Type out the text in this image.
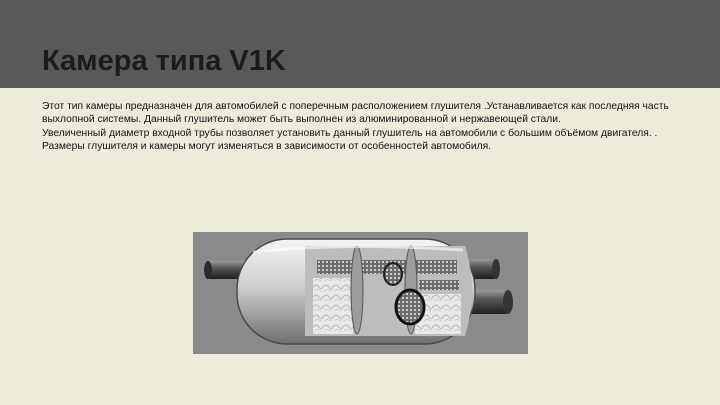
Камера типа V1K

Этот тип камеры предназначен для автомобилей с поперечным расположением глушителя .Устанавливается как последняя часть выхлопной системы. Данный глушитель может быть выполнен из алюминированной и нержавеющей стали.

Увеличенный диаметр входной трубы позволяет установить данный глушитель на автомобили с большим объёмом двигателя. . Размеры глушителя и камеры могут изменяться в зависимости от особенностей автомобиля.
